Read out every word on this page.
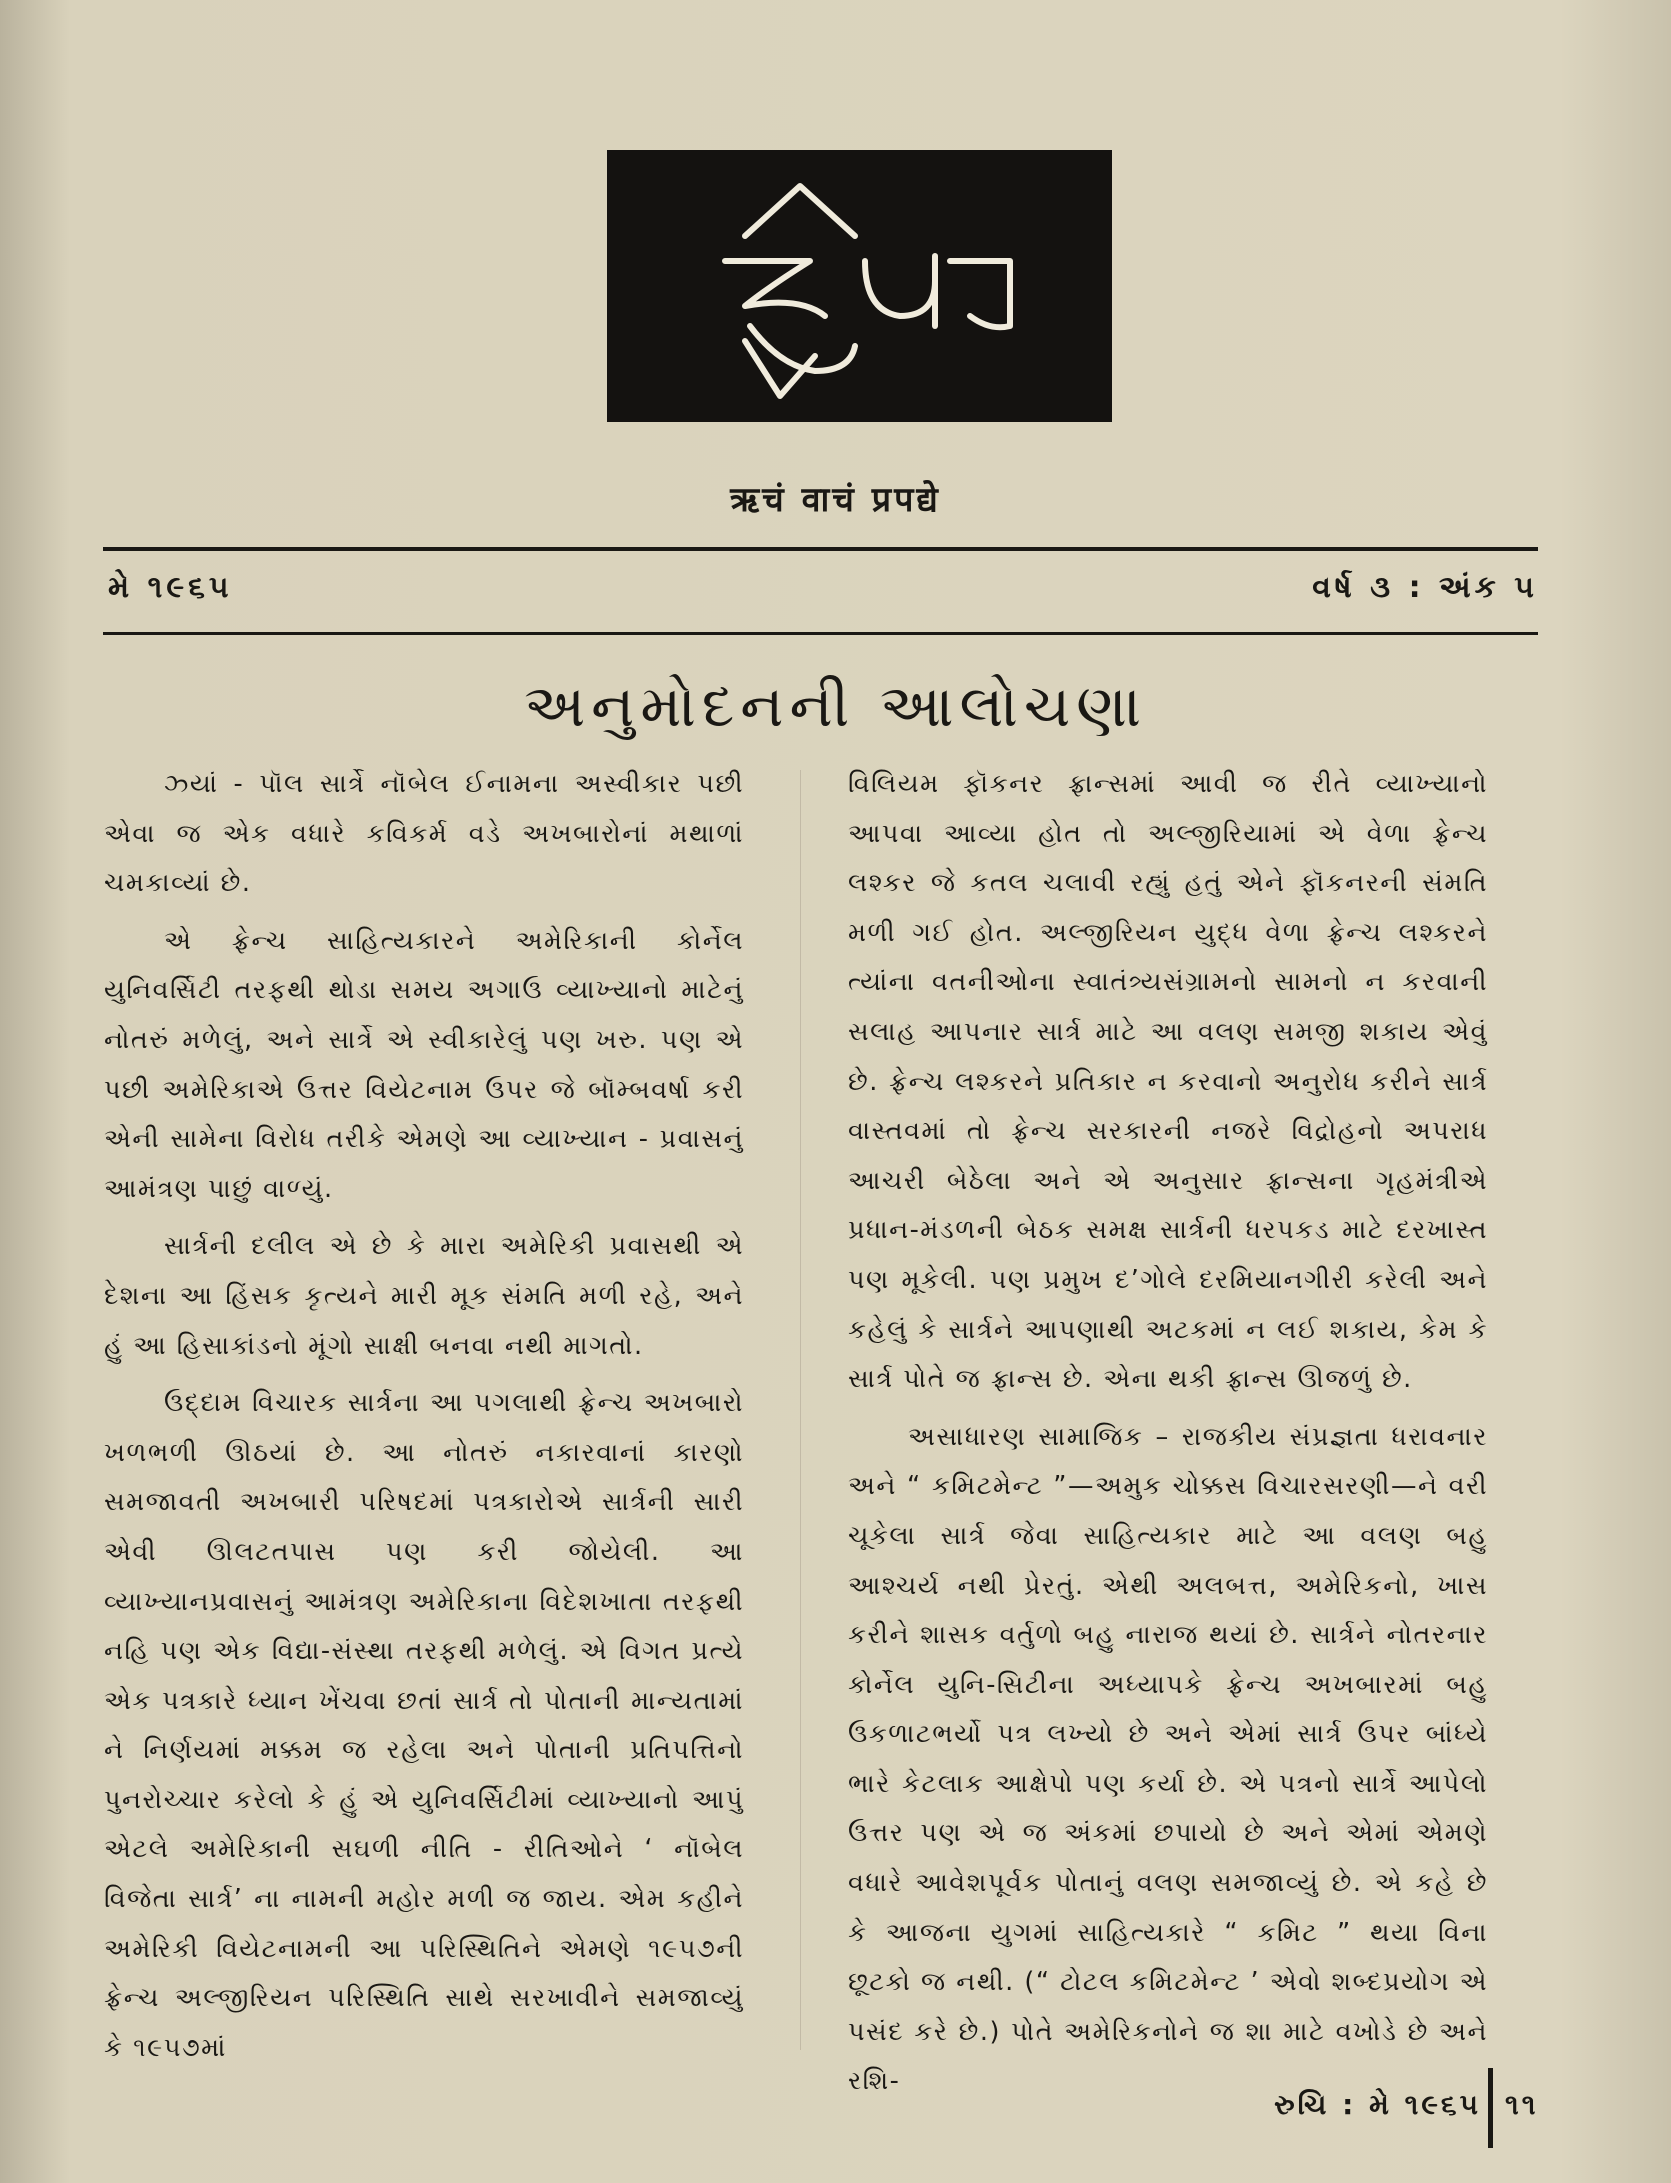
ऋचं वाचं प्रपद्ये
મે ૧૯૬૫	વર્ષ ૩ : અંક ૫
અનુમોદનની આલોચણા

ઝ્યાં - પૉલ સાર્ત્રે નૉબેલ ઈનામના અસ્વીકાર પછી એવા જ એક વધારે કવિકર્મ વડે અખબારોનાં મથાળાં ચમકાવ્યાં છે.

એ ફ્રેન્ચ સાહિત્યકારને અમેરિકાની કોર્નેલ યુનિવર્સિટી તરફથી થોડા સમય અગાઉ વ્યાખ્યાનો માટેનું નોતરું મળેલું, અને સાર્ત્રે એ સ્વીકારેલું પણ ખરુ. પણ એ પછી અમેરિકાએ ઉત્તર વિયેટનામ ઉપર જે બૉમ્બવર્ષા કરી એની સામેના વિરોધ તરીકે એમણે આ વ્યાખ્યાન - પ્રવાસનું આમંત્રણ પાછું વાળ્યું.

સાર્ત્રની દલીલ એ છે કે મારા અમેરિકી પ્રવાસથી એ દેશના આ હિંસક કૃત્યને મારી મૂક સંમતિ મળી રહે, અને હું આ હિસાકાંડનો મૂંગો સાક્ષી બનવા નથી માગતો.

ઉદ્દામ વિચારક સાર્ત્રના આ પગલાથી ફ્રેન્ચ અખબારો ખળભળી ઊઠયાં છે. આ નોતરું નકારવાનાં કારણો સમજાવતી અખબારી પરિષદમાં પત્રકારોએ સાર્ત્રની સારી એવી ઊલટતપાસ પણ કરી જોયેલી. આ વ્યાખ્યાનપ્રવાસનું આમંત્રણ અમેરિકાના વિદેશખાતા તરફથી નહિ પણ એક વિદ્યા-સંસ્થા તરફથી મળેલું. એ વિગત પ્રત્યે એક પત્રકારે ધ્યાન ખેંચવા છતાં સાર્ત્ર તો પોતાની માન્યતામાં ને નિર્ણયમાં મક્કમ જ રહેલા અને પોતાની પ્રતિપત્તિનો પુનરોચ્ચાર કરેલો કે હું એ યુનિવર્સિટીમાં વ્યાખ્યાનો આપું એટલે અમેરિકાની સઘળી નીતિ - રીતિઓને ‘ નૉબેલ વિજેતા સાર્ત્ર’ ના નામની મહોર મળી જ જાય. એમ કહીને અમેરિકી વિયેટનામની આ પરિસ્થિતિને એમણે ૧૯૫૭ની ફ્રેન્ચ અલ્જીરિયન પરિસ્થિતિ સાથે સરખાવીને સમજાવ્યું કે ૧૯૫૭માં

વિલિયમ ફૉકનર ફ્રાન્સમાં આવી જ રીતે વ્યાખ્યાનો આપવા આવ્યા હોત તો અલ્જીરિયામાં એ વેળા ફ્રેન્ચ લશ્કર જે કતલ ચલાવી રહ્યું હતું એને ફૉકનરની સંમતિ મળી ગઈ હોત. અલ્જીરિયન યુદ્ધ વેળા ફ્રેન્ચ લશ્કરને ત્યાંના વતનીઓના સ્વાતંત્ર્યસંગ્રામનો સામનો ન કરવાની સલાહ આપનાર સાર્ત્ર માટે આ વલણ સમજી શકાય એવું છે. ફ્રેન્ચ લશ્કરને પ્રતિકાર ન કરવાનો અનુરોધ કરીને સાર્ત્ર વાસ્તવમાં તો ફ્રેન્ચ સરકારની નજરે વિદ્રોહનો અપરાધ આચરી બેઠેલા અને એ અનુસાર ફ્રાન્સના ગૃહમંત્રીએ પ્રધાન-મંડળની બેઠક સમક્ષ સાર્ત્રની ધરપકડ માટે દરખાસ્ત પણ મૂકેલી. પણ પ્રમુખ દ’ગોલે દરમિયાનગીરી કરેલી અને કહેલું કે સાર્ત્રને આપણાથી અટકમાં ન લઈ શકાય, કેમ કે સાર્ત્ર પોતે જ ફ્રાન્સ છે. એના થકી ફ્રાન્સ ઊજળું છે.

અસાધારણ સામાજિક – રાજકીય સંપ્રજ્ઞતા ધરાવનાર અને “ કમિટમેન્ટ ”—અમુક ચોક્કસ વિચારસરણી—ને વરી ચૂકેલા સાર્ત્ર જેવા સાહિત્યકાર માટે આ વલણ બહુ આશ્ચર્ય નથી પ્રેરતું. એથી અલબત્ત, અમેરિકનો, ખાસ કરીને શાસક વર્તુળો બહુ નારાજ થયાં છે. સાર્ત્રને નોતરનાર કોર્નેલ યુનિ-સિટીના અધ્યાપકે ફ્રેન્ચ અખબારમાં બહુ ઉકળાટભર્યો પત્ર લખ્યો છે અને એમાં સાર્ત્ર ઉપર બાંધ્યે ભારે કેટલાક આક્ષેપો પણ કર્યા છે. એ પત્રનો સાર્ત્રે આપેલો ઉત્તર પણ એ જ અંકમાં છપાયો છે અને એમાં એમણે વધારે આવેશપૂર્વક પોતાનું વલણ સમજાવ્યું છે. એ કહે છે કે આજના યુગમાં સાહિત્યકારે “ કમિટ ” થયા વિના છૂટકો જ નથી. (“ ટોટલ કમિટમેન્ટ ’ એવો શબ્દપ્રયોગ એ પસંદ કરે છે.) પોતે અમેરિકનોને જ શા માટે વખોડે છે અને રશિ-

રુચિ : મે ૧૯૬૫ ૧૧
